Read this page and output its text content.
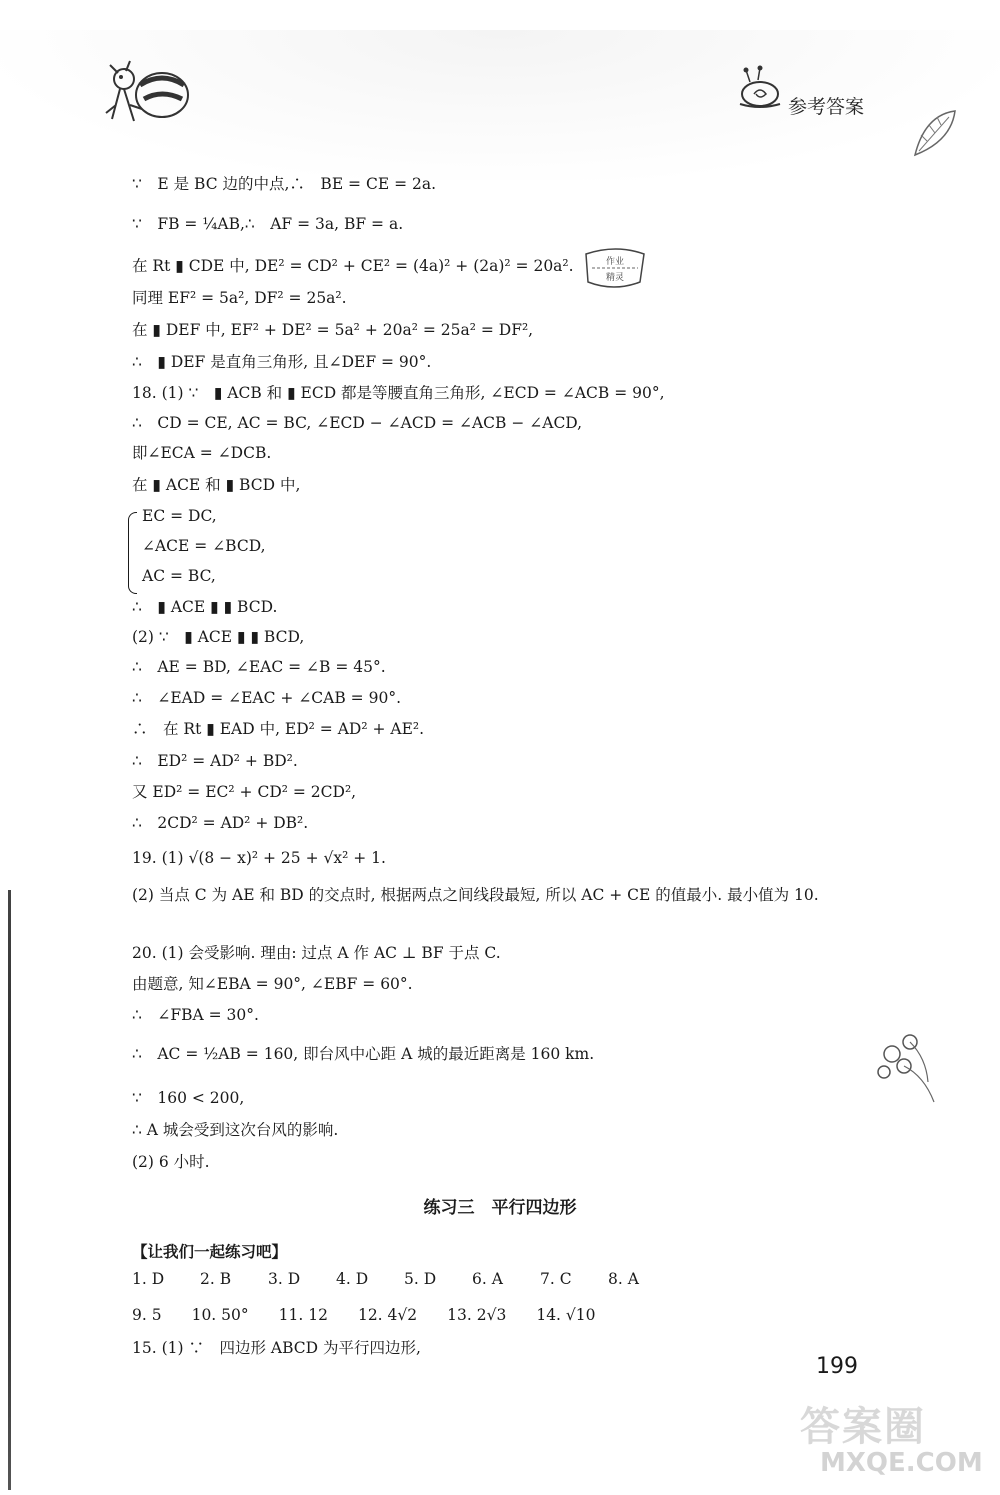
参考答案
作业
精灵
∵　E 是 BC 边的中点,∴　BE = CE = 2a.
∵　FB = ¼AB,∴　AF = 3a, BF = a.
在 Rt ▮ CDE 中, DE² = CD² + CE² = (4a)² + (2a)² = 20a².
同理 EF² = 5a², DF² = 25a².
在 ▮ DEF 中, EF² + DE² = 5a² + 20a² = 25a² = DF²,
∴　▮ DEF 是直角三角形, 且∠DEF = 90°.
18. (1) ∵　▮ ACB 和 ▮ ECD 都是等腰直角三角形, ∠ECD = ∠ACB = 90°,
∴　CD = CE, AC = BC, ∠ECD − ∠ACD = ∠ACB − ∠ACD,
即∠ECA = ∠DCB.
在 ▮ ACE 和 ▮ BCD 中,
EC = DC,
∠ACE = ∠BCD,
AC = BC,
∴　▮ ACE ▮ ▮ BCD.
(2) ∵　▮ ACE ▮ ▮ BCD,
∴　AE = BD, ∠EAC = ∠B = 45°.
∴　∠EAD = ∠EAC + ∠CAB = 90°.
∴　在 Rt ▮ EAD 中, ED² = AD² + AE².
∴　ED² = AD² + BD².
又 ED² = EC² + CD² = 2CD²,
∴　2CD² = AD² + DB².
19. (1) √(8 − x)² + 25 + √x² + 1.
(2) 当点 C 为 AE 和 BD 的交点时, 根据两点之间线段最短, 所以 AC + CE 的值最小. 最小值为 10.
20. (1) 会受影响. 理由: 过点 A 作 AC ⊥ BF 于点 C.
由题意, 知∠EBA = 90°, ∠EBF = 60°.
∴　∠FBA = 30°.
∴　AC = ½AB = 160, 即台风中心距 A 城的最近距离是 160 km.
∵　160 < 200,
∴ A 城会受到这次台风的影响.
(2) 6 小时.
练习三　平行四边形
【让我们一起练习吧】
1. D 2. B 3. D 4. D 5. D 6. A 7. C 8. A
9. 5 10. 50° 11. 12 12. 4√2 13. 2√3 14. √10
15. (1) ∵　四边形 ABCD 为平行四边形,
199
答案圈
MXQE.COM
